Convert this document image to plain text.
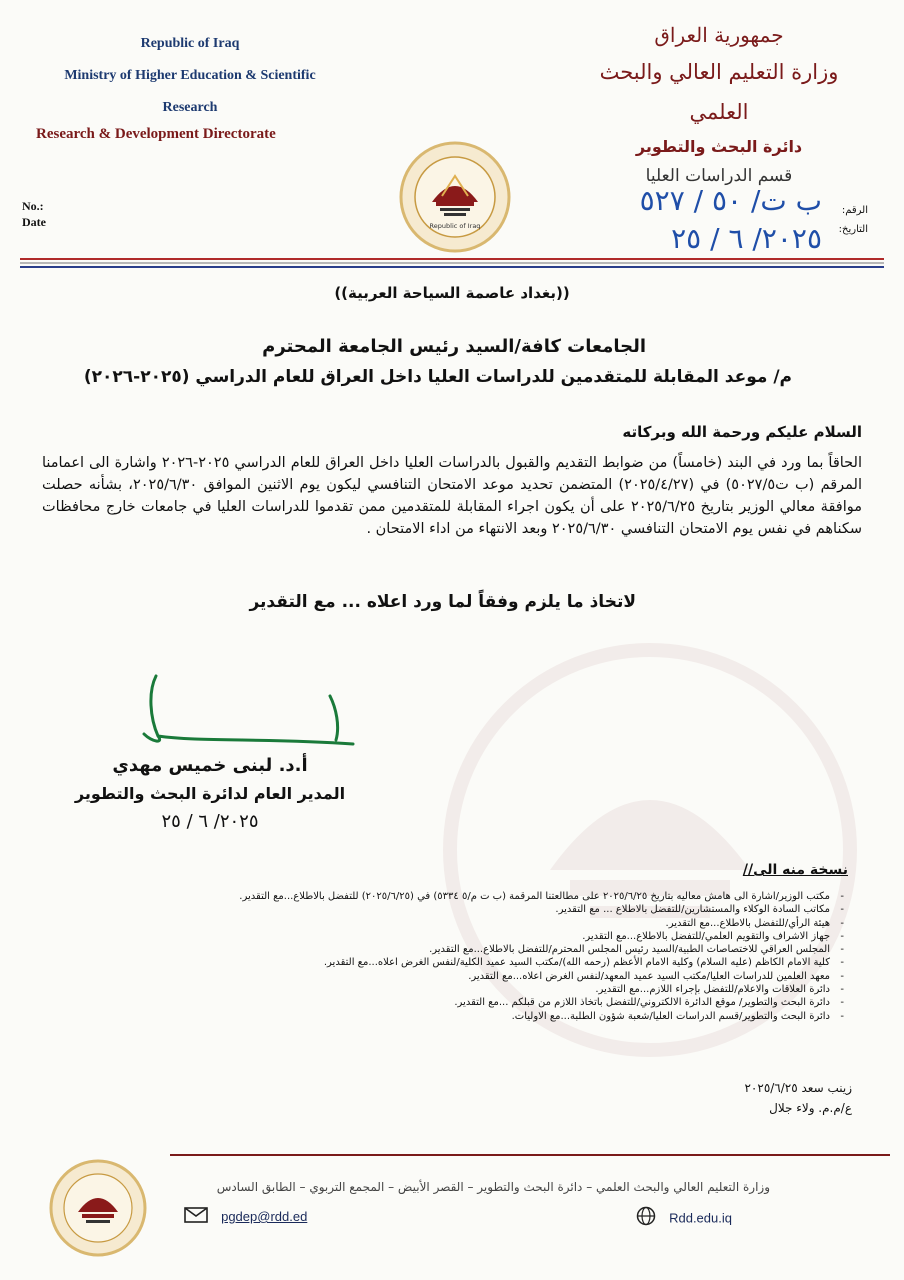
Republic of Iraq
Ministry of Higher Education & Scientific
Research
Research & Development Directorate
No.:
Date
جمهورية العراق
وزارة التعليم العالي والبحث العلمي
دائرة البحث والتطوير
قسم الدراسات العليا
الرقم:
التاريخ:
ب ت/ ٥٠ / ٥٢٧
٢٠٢٥/ ٦ / ٢٥
Republic of Iraq
((بغداد عاصمة السياحة العربية))
الجامعات كافة/السيد رئيس الجامعة المحترم
م/ موعد المقابلة للمتقدمين للدراسات العليا داخل العراق للعام الدراسي (٢٠٢٥-٢٠٢٦)
السلام عليكم ورحمة الله وبركاته
الحاقاً بما ورد في البند (خامساً) من ضوابط التقديم والقبول بالدراسات العليا داخل العراق للعام الدراسي ٢٠٢٥-٢٠٢٦ واشارة الى اعمامنا المرقم (ب ت٥٠٢٧/٥) في (٢٠٢٥/٤/٢٧) المتضمن تحديد موعد الامتحان التنافسي ليكون يوم الاثنين الموافق ٢٠٢٥/٦/٣٠، بشأنه حصلت موافقة معالي الوزير بتاريخ ٢٠٢٥/٦/٢٥ على أن يكون اجراء المقابلة للمتقدمين ممن تقدموا للدراسات العليا في جامعات خارج محافظات سكناهم في نفس يوم الامتحان التنافسي ٢٠٢٥/٦/٣٠ وبعد الانتهاء من اداء الامتحان .
لاتخاذ ما يلزم وفقاً لما ورد اعلاه ... مع التقدير
أ.د. لبنى خميس مهدي
المدير العام لدائرة البحث والتطوير
٢٠٢٥/ ٦ / ٢٥
نسخة منه الى//
- مكتب الوزير/اشارة الى هامش معاليه بتاريخ ٢٠٢٥/٦/٢٥ على مطالعتنا المرقمة (ب ت م/٥ ٥٣٣٤) في (٢٠٢٥/٦/٢٥) للتفضل بالاطلاع...مع التقدير.
- مكاتب السادة الوكلاء والمستشارين/للتفضل بالاطلاع ... مع التقدير.
- هيئة الرأي/للتفضل بالاطلاع...مع التقدير.
- جهاز الاشراف والتقويم العلمي/للتفضل بالاطلاع...مع التقدير.
- المجلس العراقي للاختصاصات الطبية/السيد رئيس المجلس المحترم/للتفضل بالاطلاع...مع التقدير.
- كلية الامام الكاظم (عليه السلام) وكلية الامام الأعظم (رحمه الله)/مكتب السيد عميد الكلية/لنفس الغرض اعلاه...مع التقدير.
- معهد العلمين للدراسات العليا/مكتب السيد عميد المعهد/لنفس الغرض اعلاه...مع التقدير.
- دائرة العلاقات والاعلام/للتفضل بإجراء اللازم...مع التقدير.
- دائرة البحث والتطوير/ موقع الدائرة الالكتروني/للتفضل باتخاذ اللازم من قبلكم ...مع التقدير.
- دائرة البحث والتطوير/قسم الدراسات العليا/شعبة شؤون الطلبة...مع الاوليات.
زينب سعد ٢٠٢٥/٦/٢٥
ع/م.م. ولاء جلال
وزارة التعليم العالي والبحث العلمي – دائرة البحث والتطوير – القصر الأبيض – المجمع التربوي – الطابق السادس
pgdep@rdd.ed	Rdd.edu.iq
